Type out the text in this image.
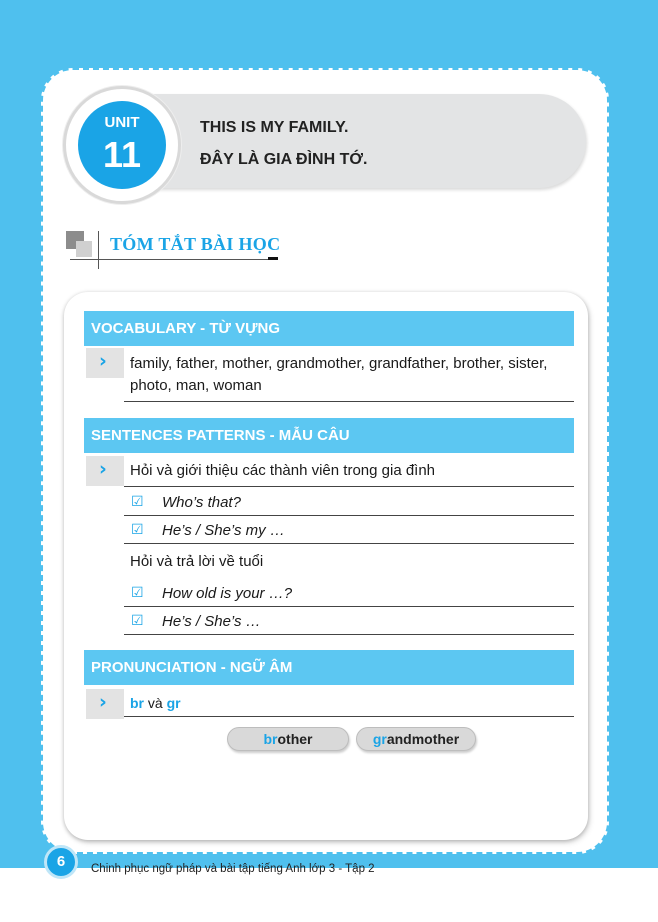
THIS IS MY FAMILY.
ĐÂY LÀ GIA ĐÌNH TỚ.
UNIT
11
TÓM TẮT BÀI HỌC
VOCABULARY - TỪ VỰNG
› family, father, mother, grandmother, grandfather, brother, sister,
photo, man, woman
SENTENCES PATTERNS - MẪU CÂU
› Hỏi và giới thiệu các thành viên trong gia đình
☑ Who’s that?
☑ He’s / She’s my …
Hỏi và trả lời về tuổi
☑ How old is your …?
☑ He’s / She’s …
PRONUNCIATION - NGỮ ÂM
› br và gr
brother	grandmother
6	Chinh phục ngữ pháp và bài tập tiếng Anh lớp 3 - Tập 2
